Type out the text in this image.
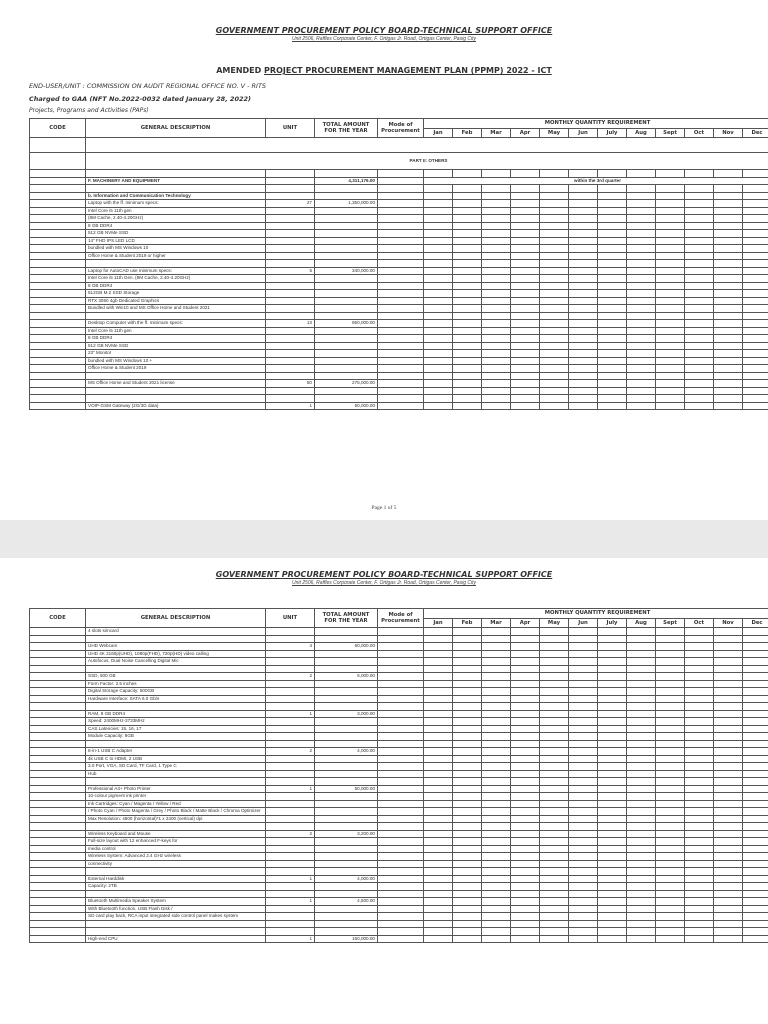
GOVERNMENT PROCUREMENT POLICY BOARD-TECHNICAL SUPPORT OFFICE
Unit 2506, Raffles Corporate Center, F. Ortigas Jr. Road, Ortigas Center, Pasig City
AMENDED PROJECT PROCUREMENT MANAGEMENT PLAN (PPMP) 2022 - ICT
END-USER/UNIT : COMMISSION ON AUDIT REGIONAL OFFICE NO. V - RITS
Charged to GAA (NFT No.2022-0032 dated January 28, 2022)
Projects, Programs and Activities (PAPs)
CODE	GENERAL DESCRIPTION	UNIT	TOTAL AMOUNT FOR THE YEAR	Mode of Procurement	MONTHLY QUANTITY REQUIREMENT											
					Jan	Feb	Mar	Apr	May	Jun	July	Aug	Sept	Oct	Nov	Dec

	PART II: OTHERS															

	F. MACHINERY AND EQUIPMENT		4,311,176.00		within the 3rd quarter											

	b. Information and Communication Technology															
	Laptop with the ff. minimum specs:	27	1,350,000.00													
	Intel Core i5 11th gen															
	(8M Cache, 2.40-4.20GHz)															
	8 GB DDR4															
	512 GB NVMe SSD															
	14" FHD IPS LED LCD															
	bundled with MS Windows 10															
	Office Home & Student 2019 or higher															

	Laptop for AutoCAD use minimum specs:	5	340,000.00													
	Intel Core i5 11th Gen. (8M Cache, 2.40-4.20GHz)															
	8 GB DDR4															
	512GB M.2 SSD Storage															
	RTX 3050 4gb Dedicated Graphics															
	Bundled with Win10 and MS Office Home and Student 2021															

	Desktop Computer with the ff. minimum specs:	13	950,000.00													
	Intel Core i5 11th gen															
	8 GB DDR4															
	512 GB NVMe SSD															
	23" Monitor															
	bundled with MS Windows 10 +															
	Office Home & Student 2019															

	MS Office Home and Student 2021 license	50	275,000.00													

	VOIP-GSM Gateway (2G/3G data)	1	50,000.00													
Page 1 of 5
GOVERNMENT PROCUREMENT POLICY BOARD-TECHNICAL SUPPORT OFFICE
Unit 2506, Raffles Corporate Center, F. Ortigas Jr. Road, Ortigas Center, Pasig City
CODE	GENERAL DESCRIPTION	UNIT	TOTAL AMOUNT FOR THE YEAR	Mode of Procurement	MONTHLY QUANTITY REQUIREMENT											
					Jan	Feb	Mar	Apr	May	Jun	July	Aug	Sept	Oct	Nov	Dec
	4 slots simcard															

	UHD Webcam	4	60,000.00													
	UHD 4K 2160p(UHD), 1080p(FHD), 720p(HD) video calling															
	Autofocus, Dual Noise Cancelling Digital Mic															

	SSD, 500 GB	2	6,000.00													
	Form Factor: 2.5 inches															
	Digital Storage Capacity: 500GB															
	Hardware Interface: SATA 6.0 Gb/s															

	RAM, 8 GB DDR4	1	3,000.00													
	Speed: 2400MHz-3733MHz															
	CAS Latencies: 15, 16, 17															
	Module Capacity: 8GB															

	8-in-1 USB C Adapter	2	4,000.00													
	4k USB C to HDMI, 2 USB															
	3.0 Port, VGA, SD Card, TF Card, 1 Type C															
	Hub															

	Professional A3+ Photo Printer	1	50,000.00													
	10-colour pigment ink printer															
	Ink Cartridges: Cyan / Magenta / Yellow / Red															
	/ Photo Cyan / Photo Magenta / Grey / Photo Black / Matte Black / Chroma Optimizer															
	Max Resolution: 4800 (horizontal)*1 x 2400 (vertical) dpi															

	Wireless Keyboard and Mouse	2	3,200.00													
	Full-size layout with 12 enhanced F-keys for															
	media control															
	Wireless System: Advanced 2.4 GHz wireless															
	connectivity															

	External Harddisk	1	4,000.00													
	Capacity: 2TB															

	Bluetooth Multimedia Speaker System	1	4,500.00													
	With Bluetooth function, USB Flash Disk /															
	SD card play back, RCA input integrated side control panel makes system															

	High-end CPU	1	150,000.00													
